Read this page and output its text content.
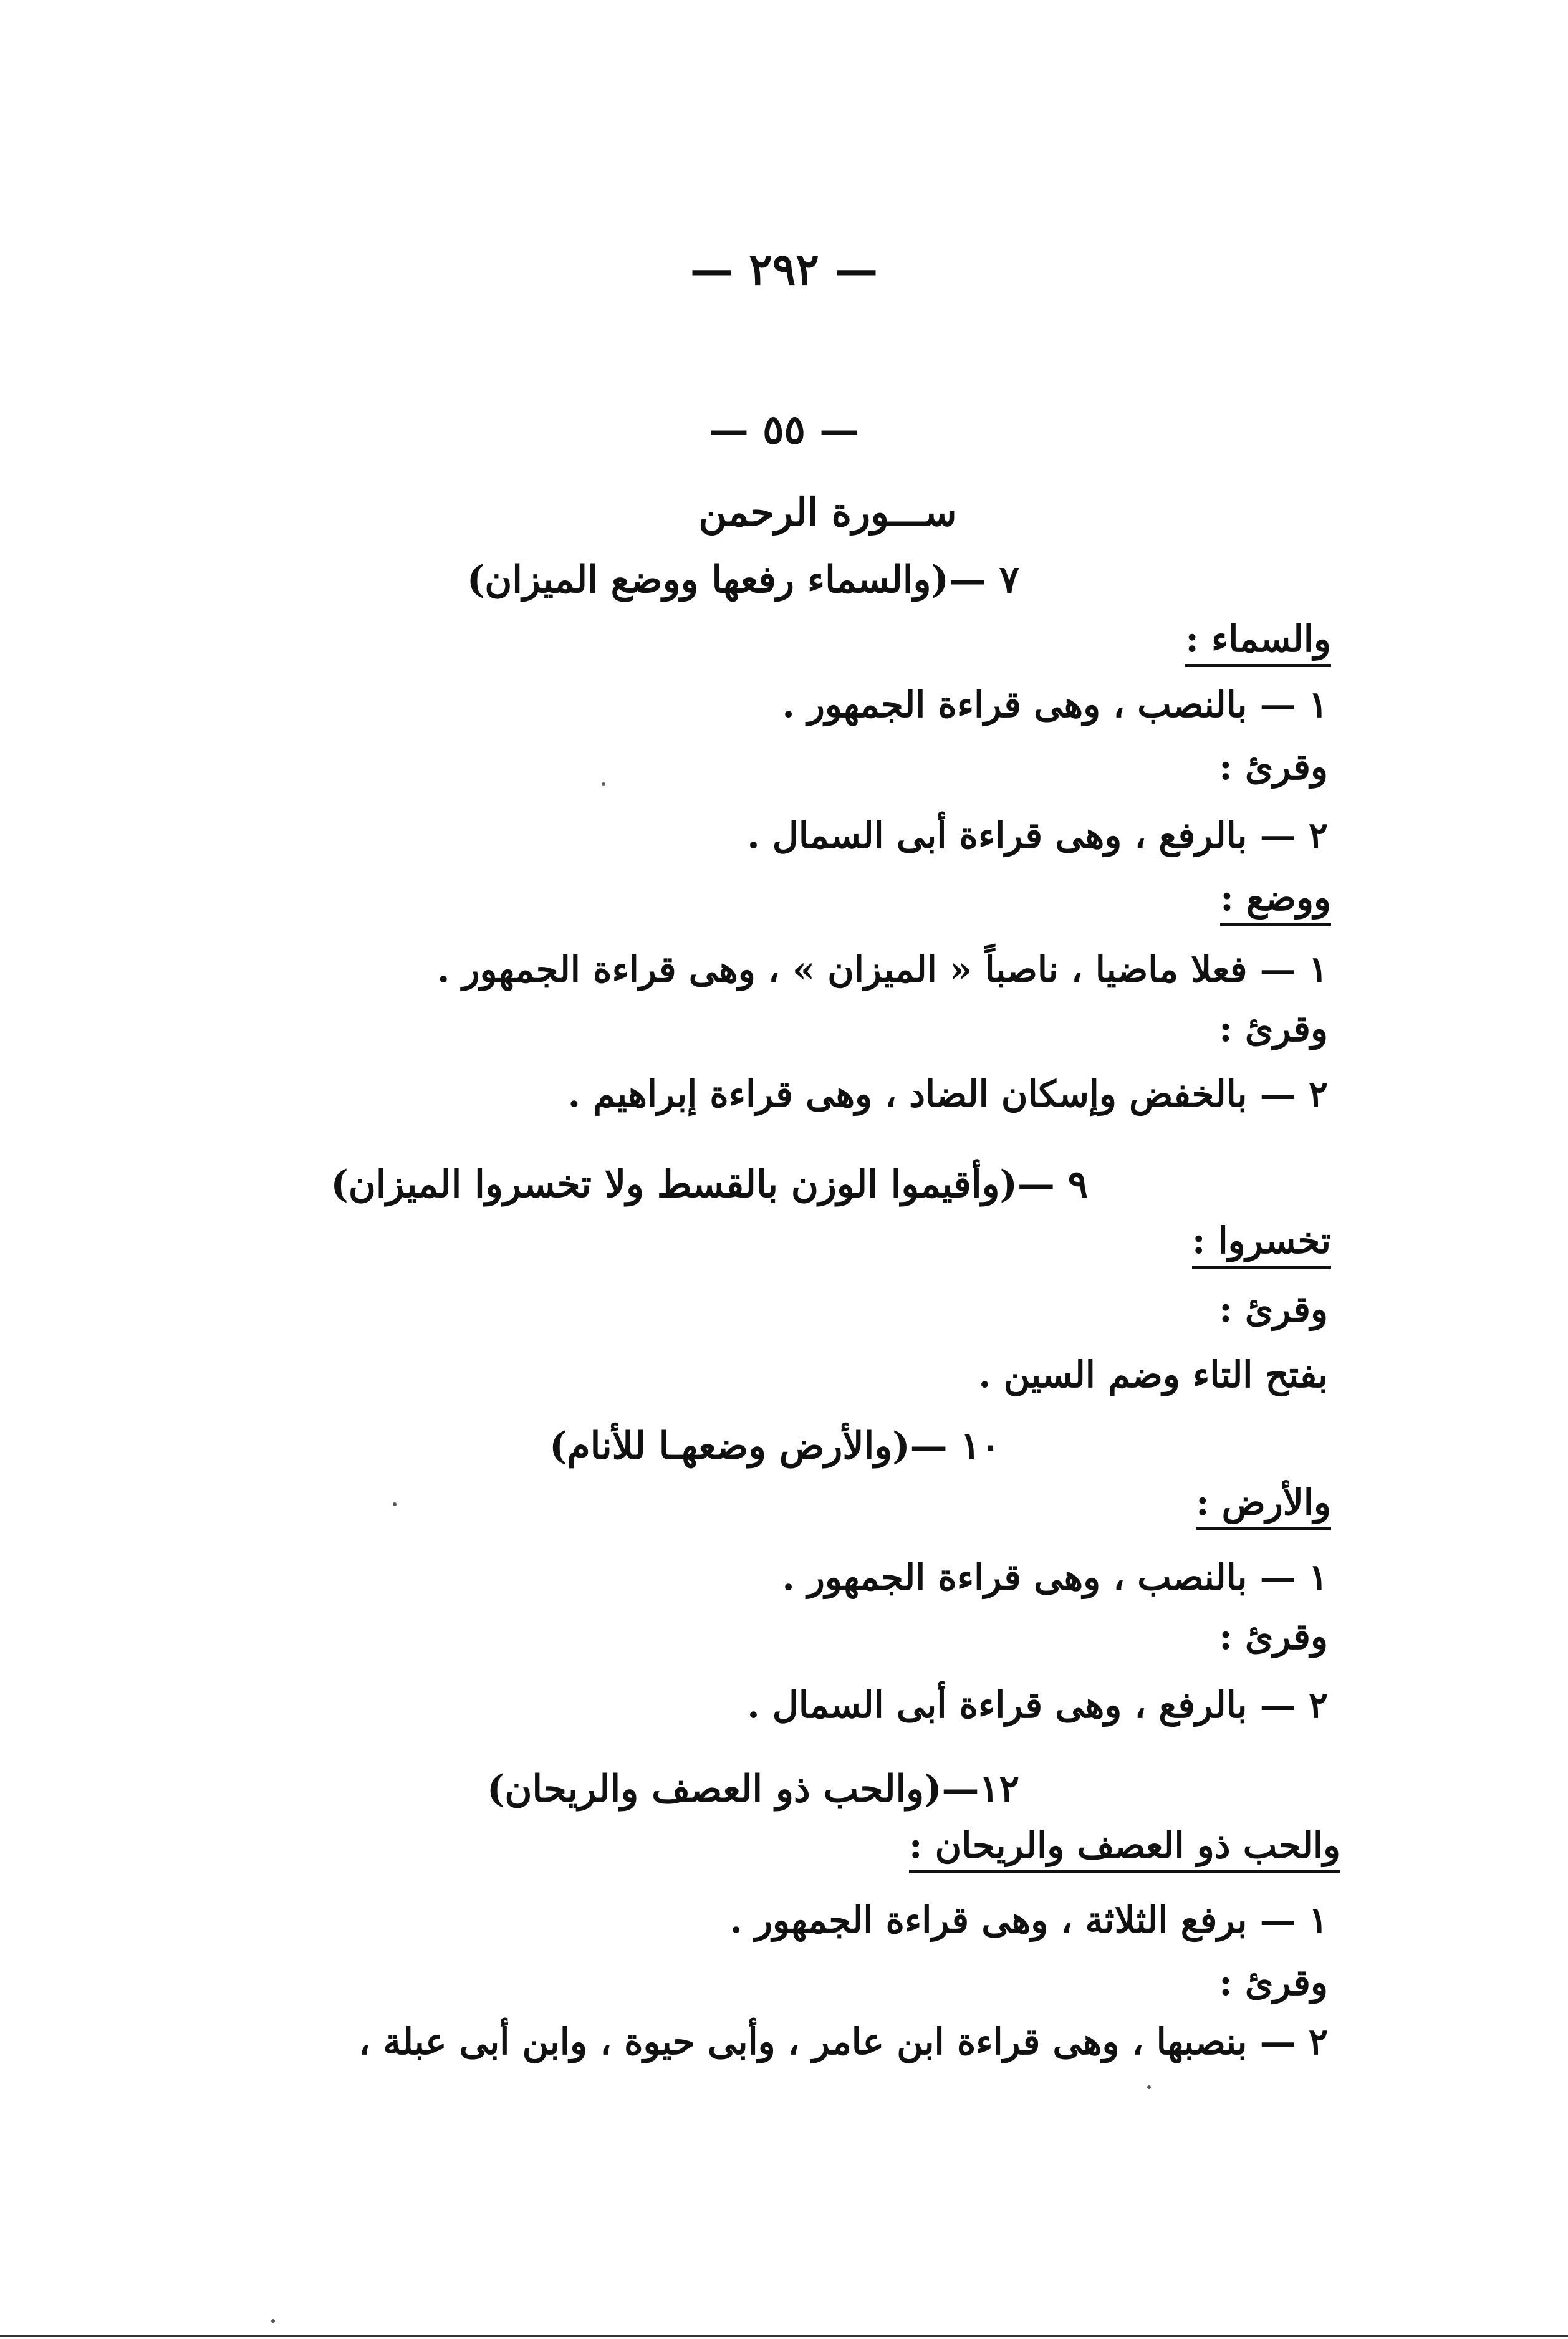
— ٢٩٢ —
— ٥٥ —
ســـورة الرحمن
٧ —(والسماء رفعها ووضع الميزان)
والسماء :
١ — بالنصب ، وهى قراءة الجمهور .
وقرئ :
٢ — بالرفع ، وهى قراءة أبى السمال .
ووضع :
١ — فعلا ماضيا ، ناصباً « الميزان » ، وهى قراءة الجمهور .
وقرئ :
٢ — بالخفض وإسكان الضاد ، وهى قراءة إبراهيم .
٩ —(وأقيموا الوزن بالقسط ولا تخسروا الميزان)
تخسروا :
وقرئ :
بفتح التاء وضم السين .
١٠ —(والأرض وضعهـا للأنام)
والأرض :
١ — بالنصب ، وهى قراءة الجمهور .
وقرئ :
٢ — بالرفع ، وهى قراءة أبى السمال .
١٢—(والحب ذو العصف والريحان)
والحب ذو العصف والريحان :
١ — برفع الثلاثة ، وهى قراءة الجمهور .
وقرئ :
٢ — بنصبها ، وهى قراءة ابن عامر ، وأبى حيوة ، وابن أبى عبلة ،
